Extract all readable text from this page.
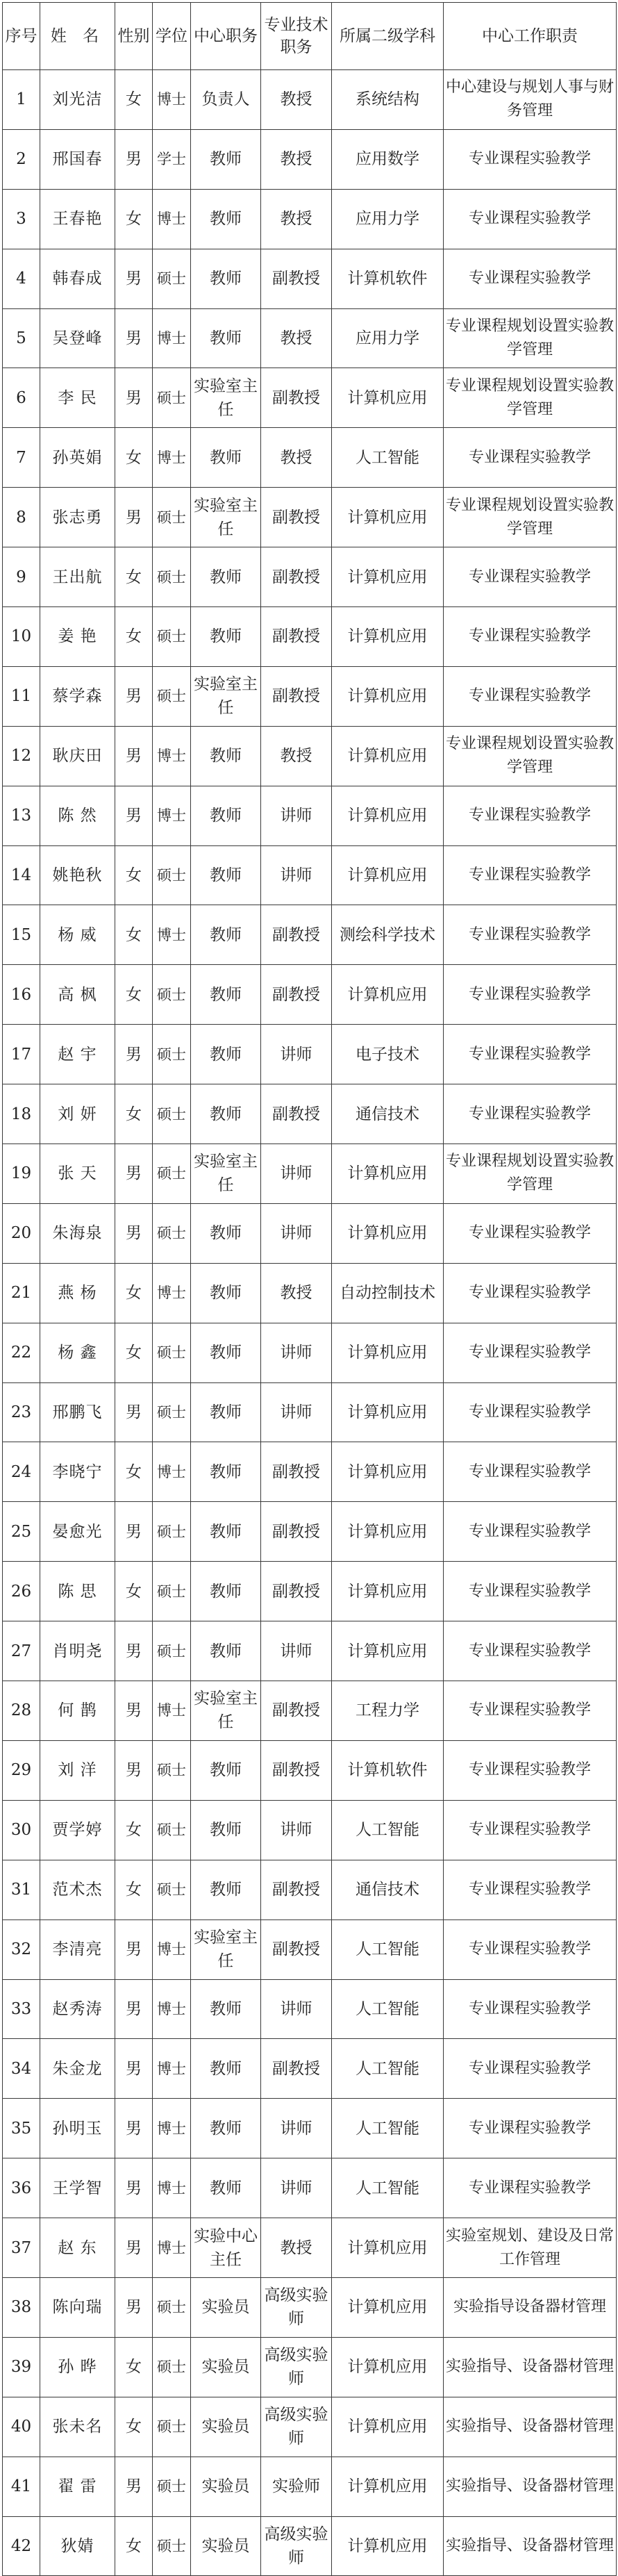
序号	姓 名	性别	学位	中心职务	专业技术职务	所属二级学科	中心工作职责
1	刘光洁	女	博士	负责人	教授	系统结构	中心建设与规划人事与财务管理
2	邢国春	男	学士	教师	教授	应用数学	专业课程实验教学
3	王春艳	女	博士	教师	教授	应用力学	专业课程实验教学
4	韩春成	男	硕士	教师	副教授	计算机软件	专业课程实验教学
5	吴登峰	男	博士	教师	教授	应用力学	专业课程规划设置实验教学管理
6	李 民	男	硕士	实验室主任	副教授	计算机应用	专业课程规划设置实验教学管理
7	孙英娟	女	博士	教师	教授	人工智能	专业课程实验教学
8	张志勇	男	硕士	实验室主任	副教授	计算机应用	专业课程规划设置实验教学管理
9	王出航	女	硕士	教师	副教授	计算机应用	专业课程实验教学
10	姜 艳	女	硕士	教师	副教授	计算机应用	专业课程实验教学
11	蔡学森	男	硕士	实验室主任	副教授	计算机应用	专业课程实验教学
12	耿庆田	男	博士	教师	教授	计算机应用	专业课程规划设置实验教学管理
13	陈 然	男	博士	教师	讲师	计算机应用	专业课程实验教学
14	姚艳秋	女	硕士	教师	讲师	计算机应用	专业课程实验教学
15	杨 威	女	博士	教师	副教授	测绘科学技术	专业课程实验教学
16	高 枫	女	硕士	教师	副教授	计算机应用	专业课程实验教学
17	赵 宇	男	硕士	教师	讲师	电子技术	专业课程实验教学
18	刘 妍	女	硕士	教师	副教授	通信技术	专业课程实验教学
19	张 天	男	硕士	实验室主任	讲师	计算机应用	专业课程规划设置实验教学管理
20	朱海泉	男	硕士	教师	讲师	计算机应用	专业课程实验教学
21	燕 杨	女	博士	教师	教授	自动控制技术	专业课程实验教学
22	杨 鑫	女	硕士	教师	讲师	计算机应用	专业课程实验教学
23	邢鹏飞	男	硕士	教师	讲师	计算机应用	专业课程实验教学
24	李晓宁	女	博士	教师	副教授	计算机应用	专业课程实验教学
25	晏愈光	男	硕士	教师	副教授	计算机应用	专业课程实验教学
26	陈 思	女	硕士	教师	副教授	计算机应用	专业课程实验教学
27	肖明尧	男	硕士	教师	讲师	计算机应用	专业课程实验教学
28	何 鹊	男	博士	实验室主任	副教授	工程力学	专业课程实验教学
29	刘 洋	男	硕士	教师	副教授	计算机软件	专业课程实验教学
30	贾学婷	女	硕士	教师	讲师	人工智能	专业课程实验教学
31	范术杰	女	硕士	教师	副教授	通信技术	专业课程实验教学
32	李清亮	男	博士	实验室主任	副教授	人工智能	专业课程实验教学
33	赵秀涛	男	博士	教师	讲师	人工智能	专业课程实验教学
34	朱金龙	男	博士	教师	副教授	人工智能	专业课程实验教学
35	孙明玉	男	博士	教师	讲师	人工智能	专业课程实验教学
36	王学智	男	博士	教师	讲师	人工智能	专业课程实验教学
37	赵 东	男	博士	实验中心主任	教授	计算机应用	实验室规划、建设及日常工作管理
38	陈向瑞	男	硕士	实验员	高级实验师	计算机应用	实验指导设备器材管理
39	孙 晔	女	硕士	实验员	高级实验师	计算机应用	实验指导、设备器材管理
40	张未名	女	硕士	实验员	高级实验师	计算机应用	实验指导、设备器材管理
41	翟 雷	男	硕士	实验员	实验师	计算机应用	实验指导、设备器材管理
42	狄婧	女	硕士	实验员	高级实验师	计算机应用	实验指导、设备器材管理
